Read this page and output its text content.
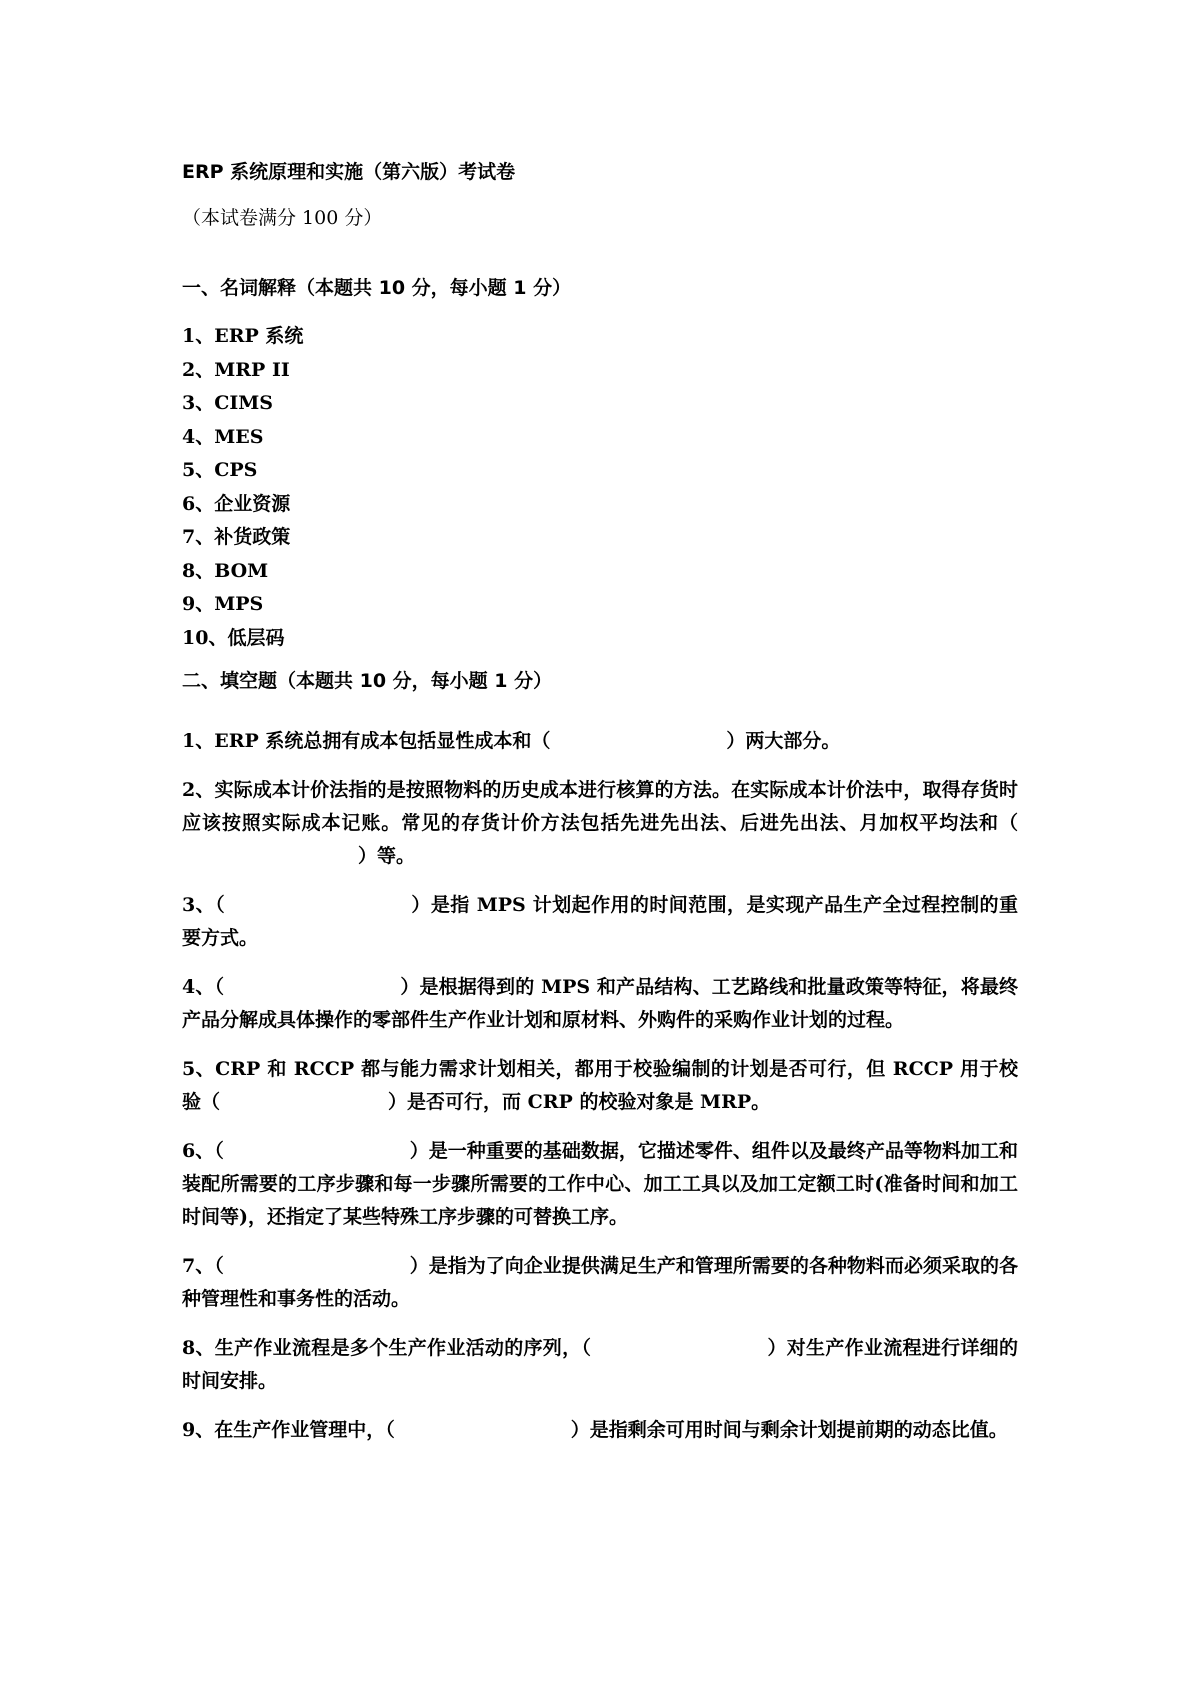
ERP 系统原理和实施（第六版）考试卷
（本试卷满分 100 分）
一、名词解释（本题共 10 分，每小题 1 分）
1、ERP 系统
2、MRP II
3、CIMS
4、MES
5、CPS
6、企业资源
7、补货政策
8、BOM
9、MPS
10、低层码
二、填空题（本题共 10 分，每小题 1 分）

1、ERP 系统总拥有成本包括显性成本和（	）两大部分。

2、实际成本计价法指的是按照物料的历史成本进行核算的方法。在实际成本计价法中，取得存货时应该按照实际成本记账。常见的存货计价方法包括先进先出法、后进先出法、月加权平均法和（）等。

3、（	）是指 MPS 计划起作用的时间范围，是实现产品生产全过程控制的重要方式。

4、（	）是根据得到的 MPS 和产品结构、工艺路线和批量政策等特征，将最终产品分解成具体操作的零部件生产作业计划和原材料、外购件的采购作业计划的过程。

5、CRP 和 RCCP 都与能力需求计划相关，都用于校验编制的计划是否可行，但 RCCP 用于校验（	）是否可行，而 CRP 的校验对象是 MRP。

6、（	）是一种重要的基础数据，它描述零件、组件以及最终产品等物料加工和装配所需要的工序步骤和每一步骤所需要的工作中心、加工工具以及加工定额工时(准备时间和加工时间等)，还指定了某些特殊工序步骤的可替换工序。

7、（	）是指为了向企业提供满足生产和管理所需要的各种物料而必须采取的各种管理性和事务性的活动。

8、生产作业流程是多个生产作业活动的序列，（	）对生产作业流程进行详细的时间安排。

9、在生产作业管理中，（	）是指剩余可用时间与剩余计划提前期的动态比值。
